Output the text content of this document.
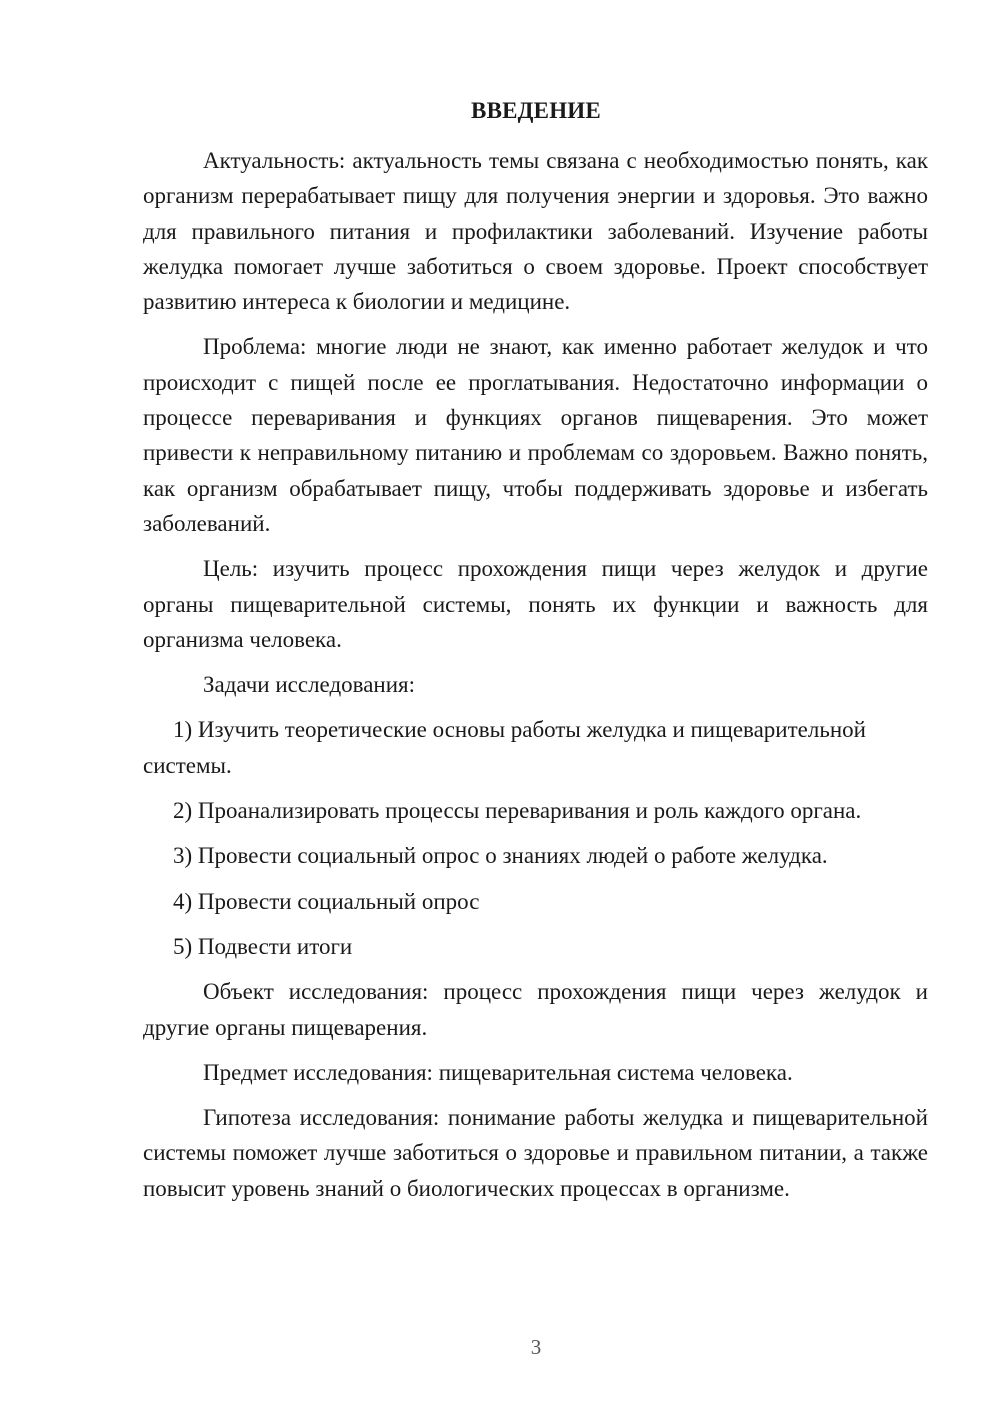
ВВЕДЕНИЕ

Актуальность: актуальность темы связана с необходимостью понять, как организм перерабатывает пищу для получения энергии и здоровья. Это важно для правильного питания и профилактики заболеваний. Изучение работы желудка помогает лучше заботиться о своем здоровье. Проект способствует развитию интереса к биологии и медицине.

Проблема: многие люди не знают, как именно работает желудок и что происходит с пищей после ее проглатывания. Недостаточно информации о процессе переваривания и функциях органов пищеварения. Это может привести к неправильному питанию и проблемам со здоровьем. Важно понять, как организм обрабатывает пищу, чтобы поддерживать здоровье и избегать заболеваний.

Цель: изучить процесс прохождения пищи через желудок и другие органы пищеварительной системы, понять их функции и важность для организма человека.

Задачи исследования:

1) Изучить теоретические основы работы желудка и пищеварительной системы.

2) Проанализировать процессы переваривания и роль каждого органа.

3) Провести социальный опрос о знаниях людей о работе желудка.

4) Провести социальный опрос

5) Подвести итоги

Объект исследования: процесс прохождения пищи через желудок и другие органы пищеварения.

Предмет исследования: пищеварительная система человека.

Гипотеза исследования: понимание работы желудка и пищеварительной системы поможет лучше заботиться о здоровье и правильном питании, а также повысит уровень знаний о биологических процессах в организме.

3
